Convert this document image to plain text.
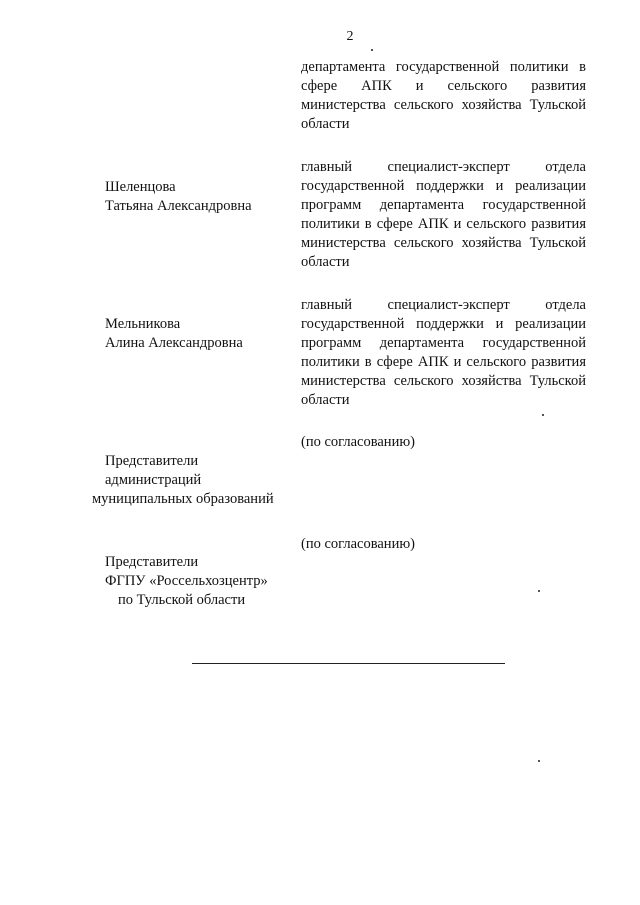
2
департамента государственной политики в
сфере АПК и сельского развития
министерства сельского хозяйства Тульской
области
Шеленцова
Татьяна Александровна
главный специалист-эксперт отдела
государственной поддержки и реализации
программ департамента государственной
политики в сфере АПК и сельского развития
министерства сельского хозяйства Тульской
области
Мельникова
Алина Александровна
главный специалист-эксперт отдела
государственной поддержки и реализации
программ департамента государственной
политики в сфере АПК и сельского развития
министерства сельского хозяйства Тульской
области
(по согласованию)
Представители
администраций
муниципальных образований
(по согласованию)
Представители
ФГПУ «Россельхозцентр»
по Тульской области
